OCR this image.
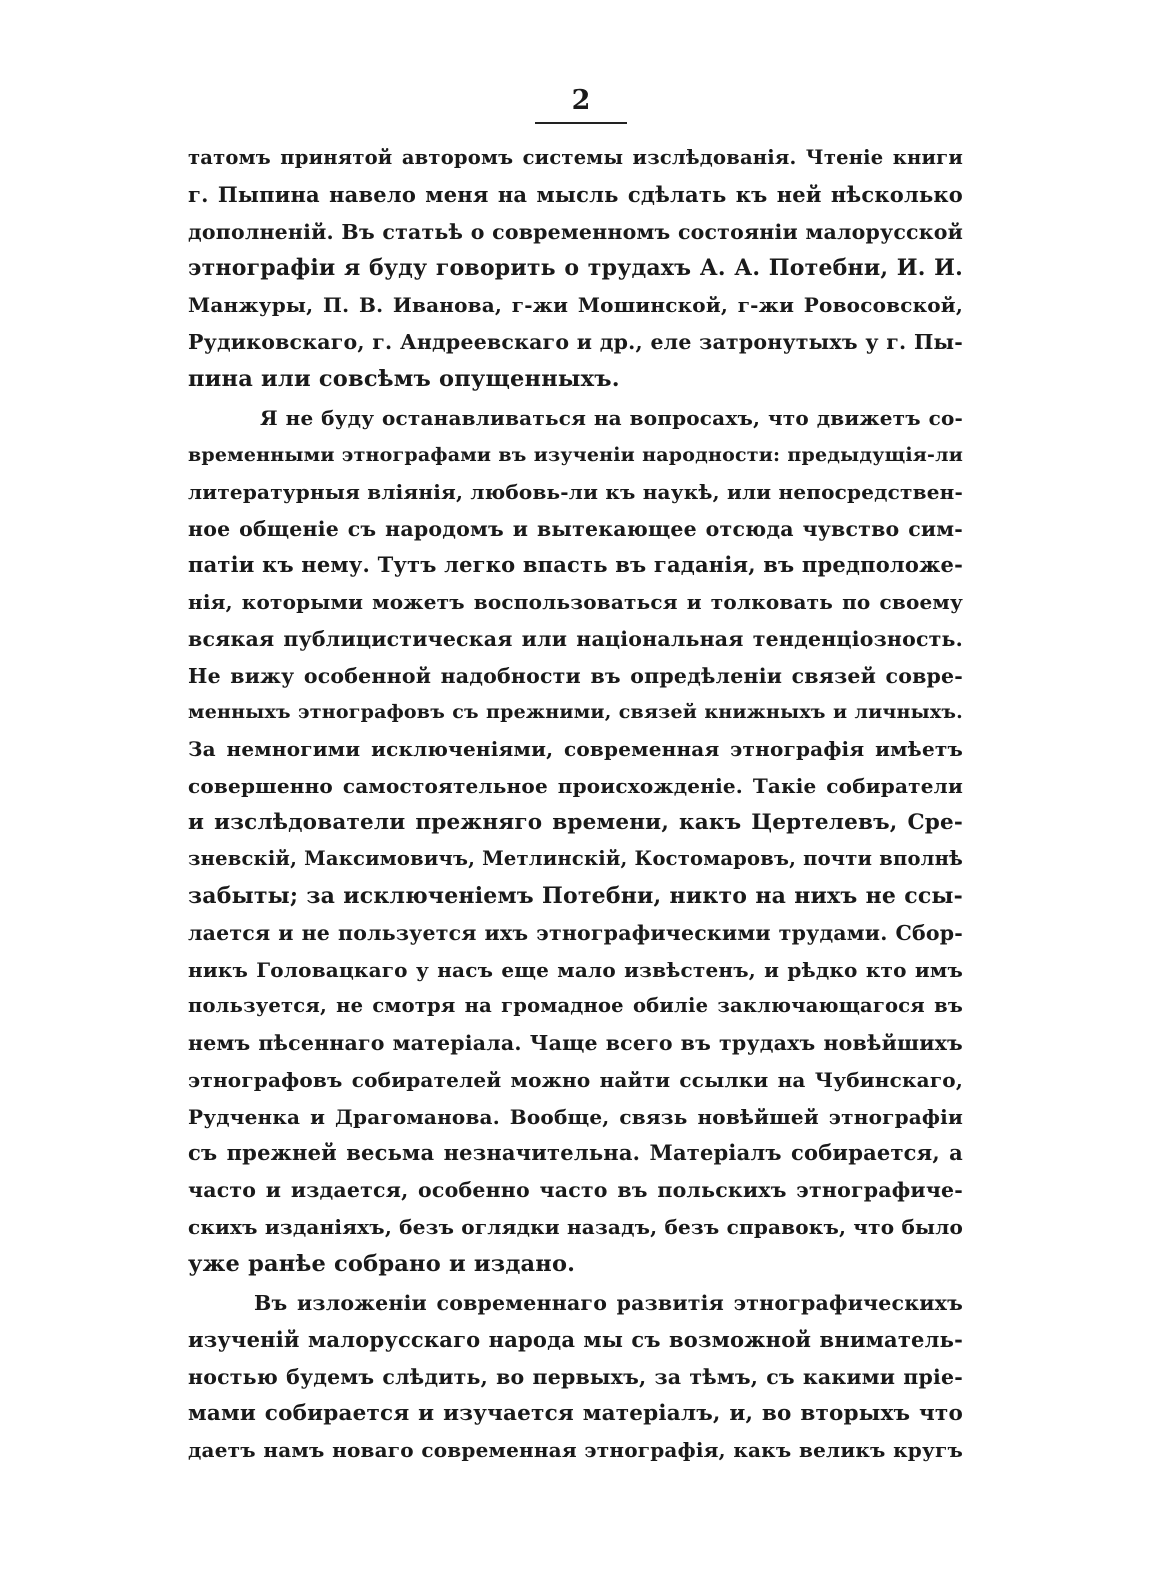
2
татомъ принятой авторомъ системы изслѣдованія. Чтеніе книги
г. Пыпина навело меня на мысль сдѣлать къ ней нѣсколько
дополненій. Въ статьѣ о современномъ состояніи малорусской
этнографіи я буду говорить о трудахъ А. А. Потебни, И. И.
Манжуры, П. В. Иванова, г-жи Мошинской, г-жи Ровосовской,
Рудиковскаго, г. Андреевскаго и др., еле затронутыхъ у г. Пы-
пина или совсѣмъ опущенныхъ.
Я не буду останавливаться на вопросахъ, что движетъ со-
временными этнографами въ изученіи народности: предыдущія-ли
литературныя вліянія, любовь-ли къ наукѣ, или непосредствен-
ное общеніе съ народомъ и вытекающее отсюда чувство сим-
патіи къ нему. Тутъ легко впасть въ гаданія, въ предположе-
нія, которыми можетъ воспользоваться и толковать по своему
всякая публицистическая или національная тенденціозность.
Не вижу особенной надобности въ опредѣленіи связей совре-
менныхъ этнографовъ съ прежними, связей книжныхъ и личныхъ.
За немногими исключеніями, современная этнографія имѣетъ
совершенно самостоятельное происхожденіе. Такіе собиратели
и изслѣдователи прежняго времени, какъ Цертелевъ, Сре-
зневскій, Максимовичъ, Метлинскій, Костомаровъ, почти вполнѣ
забыты; за исключеніемъ Потебни, никто на нихъ не ссы-
лается и не пользуется ихъ этнографическими трудами. Сбор-
никъ Головацкаго у насъ еще мало извѣстенъ, и рѣдко кто имъ
пользуется, не смотря на громадное обиліе заключающагося въ
немъ пѣсеннаго матеріала. Чаще всего въ трудахъ новѣйшихъ
этнографовъ собирателей можно найти ссылки на Чубинскаго,
Рудченка и Драгоманова. Вообще, связь новѣйшей этнографіи
съ прежней весьма незначительна. Матеріалъ собирается, а
часто и издается, особенно часто въ польскихъ этнографиче-
скихъ изданіяхъ, безъ оглядки назадъ, безъ справокъ, что было
уже ранѣе собрано и издано.
Въ изложеніи современнаго развитія этнографическихъ
изученій малорусскаго народа мы съ возможной вниматель-
ностью будемъ слѣдить, во первыхъ, за тѣмъ, съ какими пріе-
мами собирается и изучается матеріалъ, и, во вторыхъ что
даетъ намъ новаго современная этнографія, какъ великъ кругъ
